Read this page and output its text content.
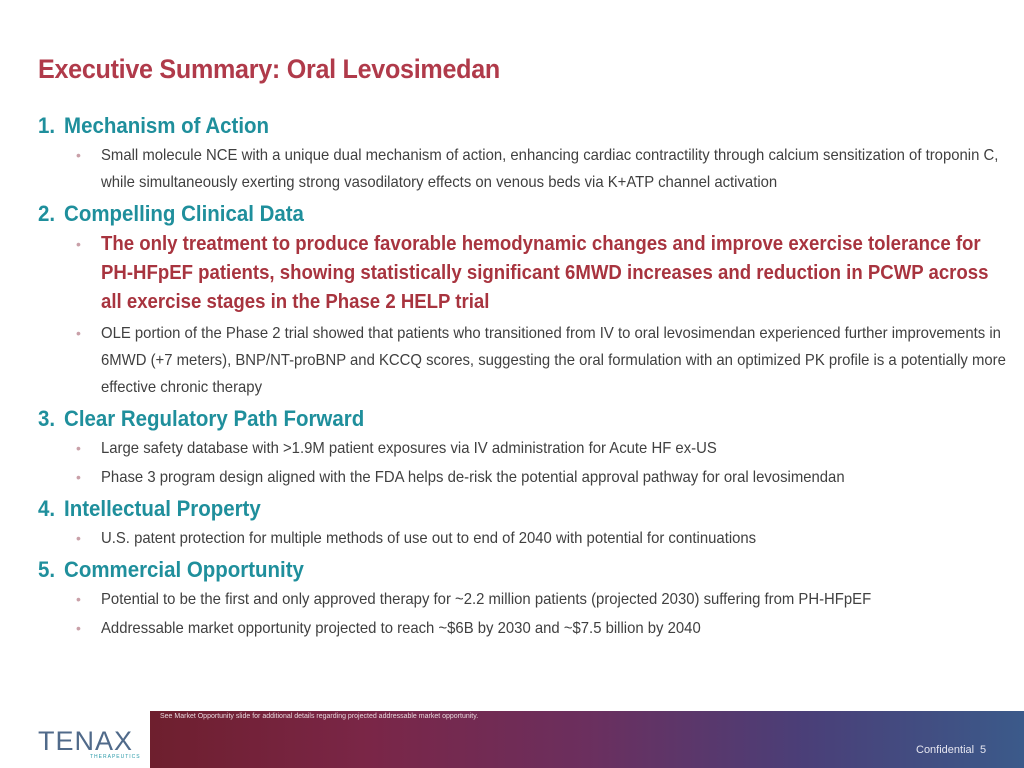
Executive Summary: Oral Levosimedan
1. Mechanism of Action
• Small molecule NCE with a unique dual mechanism of action, enhancing cardiac contractility through calcium sensitization of troponin C, while simultaneously exerting strong vasodilatory effects on venous beds via K+ATP channel activation
2. Compelling Clinical Data
• The only treatment to produce favorable hemodynamic changes and improve exercise tolerance for PH-HFpEF patients, showing statistically significant 6MWD increases and reduction in PCWP across all exercise stages in the Phase 2 HELP trial
• OLE portion of the Phase 2 trial showed that patients who transitioned from IV to oral levosimendan experienced further improvements in 6MWD (+7 meters), BNP/NT-proBNP and KCCQ scores, suggesting the oral formulation with an optimized PK profile is a potentially more effective chronic therapy
3. Clear Regulatory Path Forward
• Large safety database with >1.9M patient exposures via IV administration for Acute HF ex-US
• Phase 3 program design aligned with the FDA helps de-risk the potential approval pathway for oral levosimendan
4. Intellectual Property
• U.S. patent protection for multiple methods of use out to end of 2040 with potential for continuations
5. Commercial Opportunity
• Potential to be the first and only approved therapy for ~2.2 million patients (projected 2030) suffering from PH-HFpEF
• Addressable market opportunity projected to reach ~$6B by 2030 and ~$7.5 billion by 2040
TENAX
THERAPEUTICS
See Market Opportunity slide for additional details regarding projected addressable market opportunity.
Confidential 5
